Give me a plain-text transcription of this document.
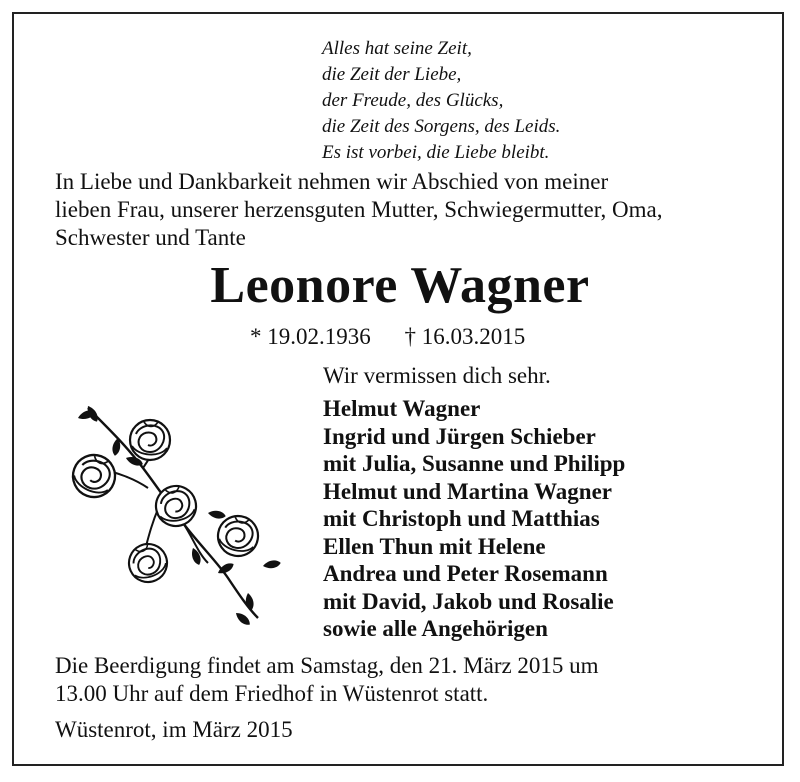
Alles hat seine Zeit,
die Zeit der Liebe,
der Freude, des Glücks,
die Zeit des Sorgens, des Leids.
Es ist vorbei, die Liebe bleibt.
In Liebe und Dankbarkeit nehmen wir Abschied von meiner
lieben Frau, unserer herzensguten Mutter, Schwiegermutter, Oma,
Schwester und Tante
Leonore Wagner
* 19.02.1936 † 16.03.2015
Wir vermissen dich sehr.
Helmut Wagner
Ingrid und Jürgen Schieber
mit Julia, Susanne und Philipp
Helmut und Martina Wagner
mit Christoph und Matthias
Ellen Thun mit Helene
Andrea und Peter Rosemann
mit David, Jakob und Rosalie
sowie alle Angehörigen
Die Beerdigung findet am Samstag, den 21. März 2015 um
13.00 Uhr auf dem Friedhof in Wüstenrot statt.
Wüstenrot, im März 2015
